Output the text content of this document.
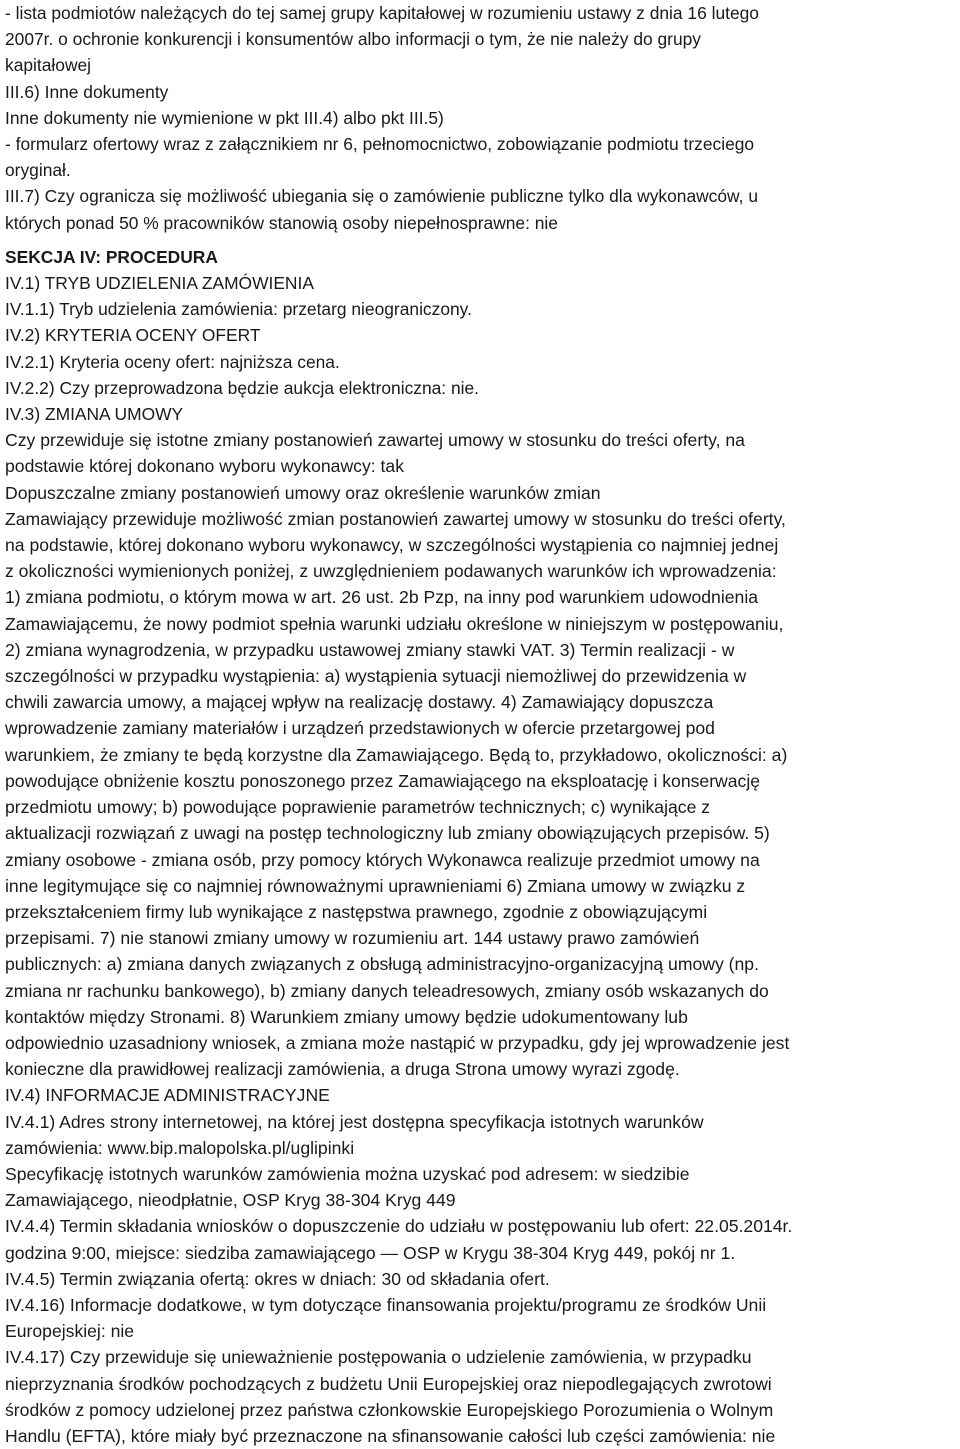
- lista podmiotów należących do tej samej grupy kapitałowej w rozumieniu ustawy z dnia 16 lutego

2007r. o ochronie konkurencji i konsumentów albo informacji o tym, że nie należy do grupy

kapitałowej

III.6) Inne dokumenty

Inne dokumenty nie wymienione w pkt III.4) albo pkt III.5)

- formularz ofertowy wraz z załącznikiem nr 6, pełnomocnictwo, zobowiązanie podmiotu trzeciego

oryginał.

III.7) Czy ogranicza się możliwość ubiegania się o zamówienie publiczne tylko dla wykonawców, u

których ponad 50 % pracowników stanowią osoby niepełnosprawne: nie

SEKCJA IV: PROCEDURA

IV.1) TRYB UDZIELENIA ZAMÓWIENIA

IV.1.1) Tryb udzielenia zamówienia: przetarg nieograniczony.

IV.2) KRYTERIA OCENY OFERT

IV.2.1) Kryteria oceny ofert: najniższa cena.

IV.2.2) Czy przeprowadzona będzie aukcja elektroniczna: nie.

IV.3) ZMIANA UMOWY

Czy przewiduje się istotne zmiany postanowień zawartej umowy w stosunku do treści oferty, na

podstawie której dokonano wyboru wykonawcy: tak

Dopuszczalne zmiany postanowień umowy oraz określenie warunków zmian

Zamawiający przewiduje możliwość zmian postanowień zawartej umowy w stosunku do treści oferty,

na podstawie, której dokonano wyboru wykonawcy, w szczególności wystąpienia co najmniej jednej

z okoliczności wymienionych poniżej, z uwzględnieniem podawanych warunków ich wprowadzenia:

1) zmiana podmiotu, o którym mowa w art. 26 ust. 2b Pzp, na inny pod warunkiem udowodnienia

Zamawiającemu, że nowy podmiot spełnia warunki udziału określone w niniejszym w postępowaniu,

2) zmiana wynagrodzenia, w przypadku ustawowej zmiany stawki VAT. 3) Termin realizacji - w

szczególności w przypadku wystąpienia: a) wystąpienia sytuacji niemożliwej do przewidzenia w

chwili zawarcia umowy, a mającej wpływ na realizację dostawy. 4) Zamawiający dopuszcza

wprowadzenie zamiany materiałów i urządzeń przedstawionych w ofercie przetargowej pod

warunkiem, że zmiany te będą korzystne dla Zamawiającego. Będą to, przykładowo, okoliczności: a)

powodujące obniżenie kosztu ponoszonego przez Zamawiającego na eksploatację i konserwację

przedmiotu umowy; b) powodujące poprawienie parametrów technicznych; c) wynikające z

aktualizacji rozwiązań z uwagi na postęp technologiczny lub zmiany obowiązujących przepisów. 5)

zmiany osobowe - zmiana osób, przy pomocy których Wykonawca realizuje przedmiot umowy na

inne legitymujące się co najmniej równoważnymi uprawnieniami 6) Zmiana umowy w związku z

przekształceniem firmy lub wynikające z następstwa prawnego, zgodnie z obowiązującymi

przepisami. 7) nie stanowi zmiany umowy w rozumieniu art. 144 ustawy prawo zamówień

publicznych: a) zmiana danych związanych z obsługą administracyjno-organizacyjną umowy (np.

zmiana nr rachunku bankowego), b) zmiany danych teleadresowych, zmiany osób wskazanych do

kontaktów między Stronami. 8) Warunkiem zmiany umowy będzie udokumentowany lub

odpowiednio uzasadniony wniosek, a zmiana może nastąpić w przypadku, gdy jej wprowadzenie jest

konieczne dla prawidłowej realizacji zamówienia, a druga Strona umowy wyrazi zgodę.

IV.4) INFORMACJE ADMINISTRACYJNE

IV.4.1) Adres strony internetowej, na której jest dostępna specyfikacja istotnych warunków

zamówienia: www.bip.malopolska.pl/uglipinki

Specyfikację istotnych warunków zamówienia można uzyskać pod adresem: w siedzibie

Zamawiającego, nieodpłatnie, OSP Kryg 38-304 Kryg 449

IV.4.4) Termin składania wniosków o dopuszczenie do udziału w postępowaniu lub ofert: 22.05.2014r.

godzina 9:00, miejsce: siedziba zamawiającego — OSP w Krygu 38-304 Kryg 449, pokój nr 1.

IV.4.5) Termin związania ofertą: okres w dniach: 30 od składania ofert.

IV.4.16) Informacje dodatkowe, w tym dotyczące finansowania projektu/programu ze środków Unii

Europejskiej: nie

IV.4.17) Czy przewiduje się unieważnienie postępowania o udzielenie zamówienia, w przypadku

nieprzyznania środków pochodzących z budżetu Unii Europejskiej oraz niepodlegających zwrotowi

środków z pomocy udzielonej przez państwa członkowskie Europejskiego Porozumienia o Wolnym

Handlu (EFTA), które miały być przeznaczone na sfinansowanie całości lub części zamówienia: nie
